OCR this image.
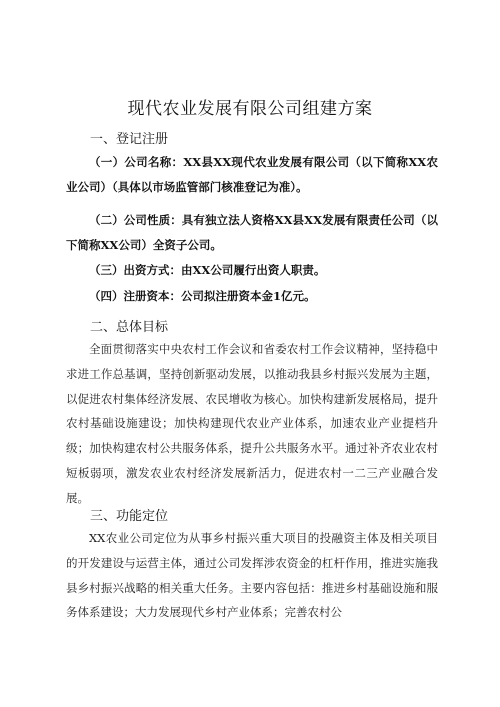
现代农业发展有限公司组建方案
一、登记注册

（一）公司名称：XX县XX现代农业发展有限公司（以下简称XX农业公司）（具体以市场监管部门核准登记为准）。

（二）公司性质：具有独立法人资格XX县XX发展有限责任公司（以下简称XX公司）全资子公司。

（三）出资方式：由XX公司履行出资人职责。

（四）注册资本：公司拟注册资本金1亿元。

二、总体目标

全面贯彻落实中央农村工作会议和省委农村工作会议精神，坚持稳中求进工作总基调，坚持创新驱动发展，以推动我县乡村振兴发展为主题，以促进农村集体经济发展、农民增收为核心。加快构建新发展格局，提升农村基础设施建设；加快构建现代农业产业体系，加速农业产业提档升级；加快构建农村公共服务体系，提升公共服务水平。通过补齐农业农村短板弱项，激发农业农村经济发展新活力，促进农村一二三产业融合发展。

三、功能定位

XX农业公司定位为从事乡村振兴重大项目的投融资主体及相关项目的开发建设与运营主体，通过公司发挥涉农资金的杠杆作用，推进实施我县乡村振兴战略的相关重大任务。主要内容包括：推进乡村基础设施和服务体系建设；大力发展现代乡村产业体系；完善农村公
